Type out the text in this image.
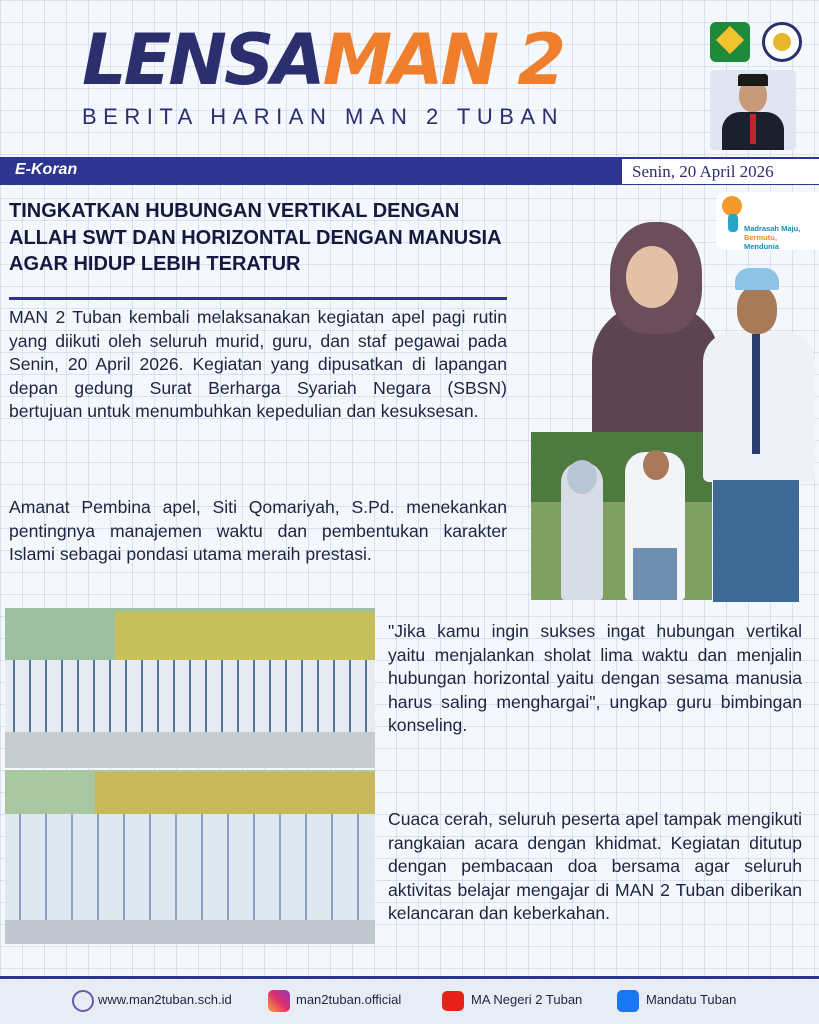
LENSAMAN 2
BERITA HARIAN MAN 2 TUBAN
E-Koran	Senin, 20 April 2026
Madrasah Maju,
Bermutu,
Mendunia
TINGKATKAN HUBUNGAN VERTIKAL DENGAN
ALLAH SWT DAN HORIZONTAL DENGAN MANUSIA
AGAR HIDUP LEBIH TERATUR
MAN 2 Tuban kembali melaksanakan kegiatan apel pagi rutin yang diikuti oleh seluruh murid, guru, dan staf pegawai pada Senin, 20 April 2026. Kegiatan yang dipusatkan di lapangan depan gedung Surat Berharga Syariah Negara (SBSN) bertujuan untuk menumbuhkan kepedulian dan kesuksesan.
Amanat Pembina apel, Siti Qomariyah, S.Pd. menekankan pentingnya manajemen waktu dan pembentukan karakter Islami sebagai pondasi utama meraih prestasi.
"Jika kamu ingin sukses ingat hubungan vertikal yaitu menjalankan sholat lima waktu dan menjalin hubungan horizontal yaitu dengan sesama manusia harus saling menghargai", ungkap guru bimbingan konseling.
Cuaca cerah, seluruh peserta apel tampak mengikuti rangkaian acara dengan khidmat. Kegiatan ditutup dengan pembacaan doa bersama agar seluruh aktivitas belajar mengajar di MAN 2 Tuban diberikan kelancaran dan keberkahan.
www.man2tuban.sch.id	man2tuban.official	MA Negeri 2 Tuban	Mandatu Tuban
